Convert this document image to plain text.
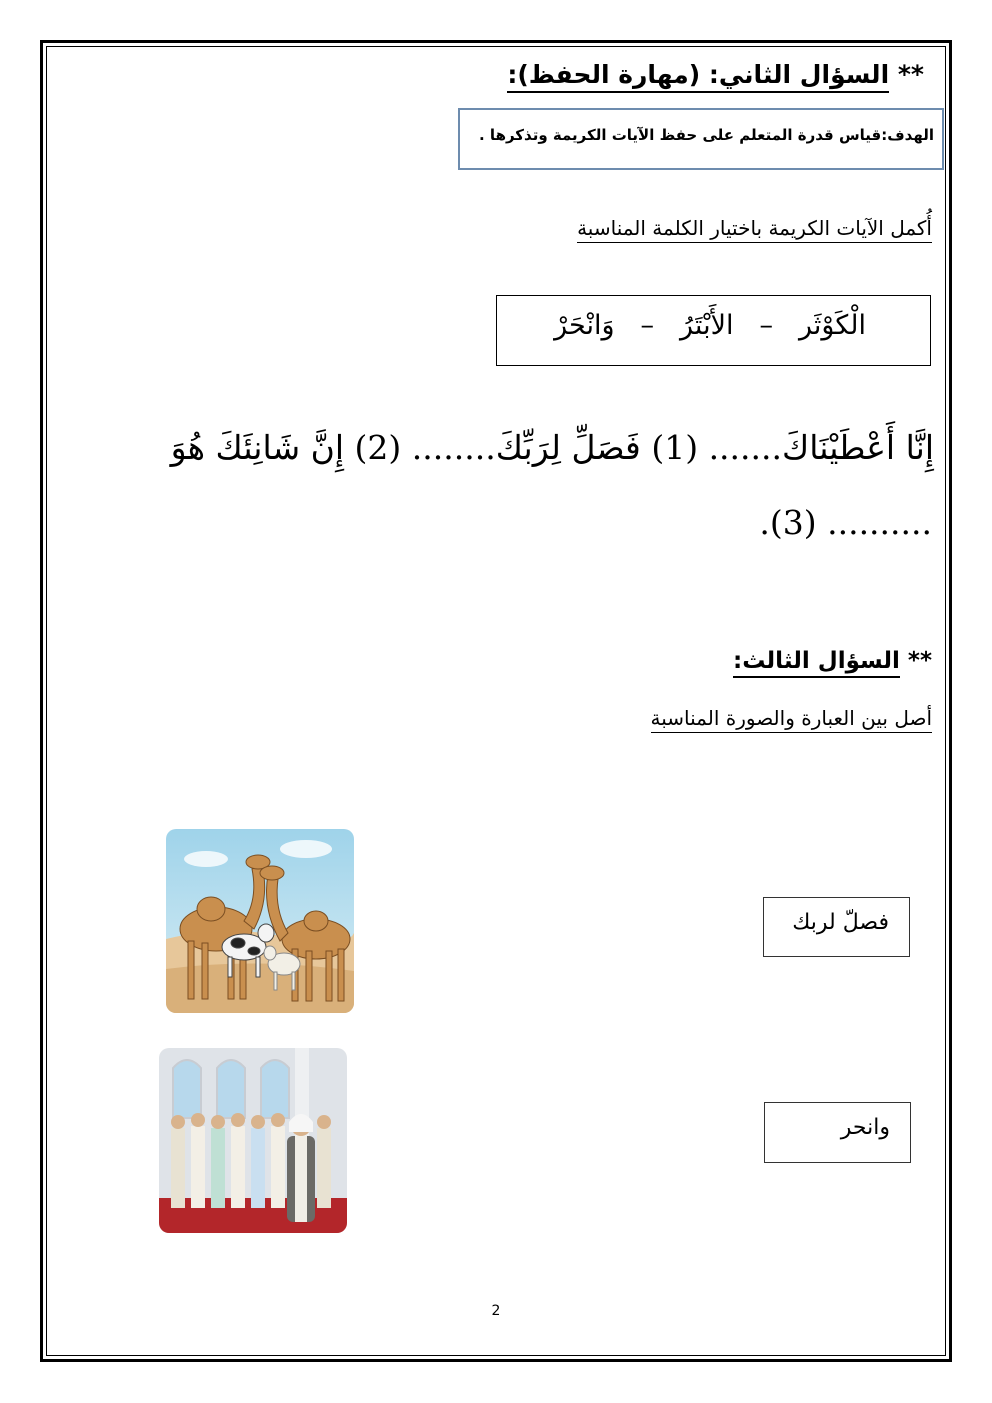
** السؤال الثاني: (مهارة الحفظ):
الهدف:قياس قدرة المتعلم على حفظ الآيات الكريمة وتذكرها .
أُكمل الآيات الكريمة باختيار الكلمة المناسبة
الْكَوْثَر–الأَبْتَرُ–وَانْحَرْ
إِنَّا أَعْطَيْنَاكَ....... (1) فَصَلِّ لِرَبِّكَ........ (2) إِنَّ شَانِئَكَ هُوَ
.......... (3).
** السؤال الثالث:
أصل بين العبارة والصورة المناسبة
فصلّ لربك
وانحر
2
